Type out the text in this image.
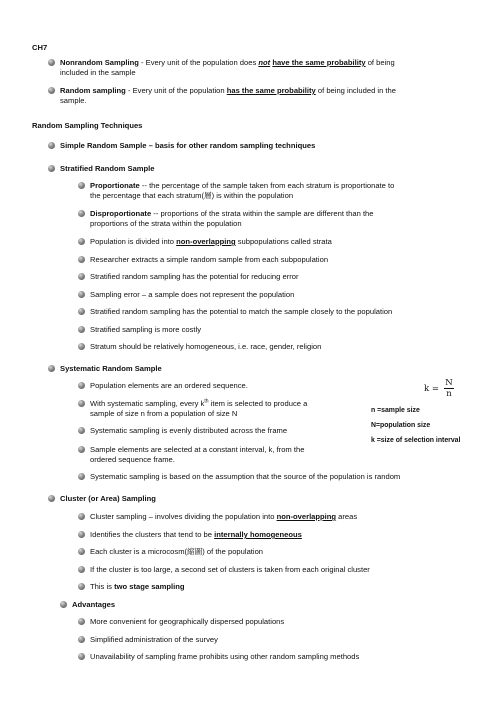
CH7
Nonrandom Sampling - Every unit of the population does not have the same probability of being
included in the sample
Random sampling - Every unit of the population has the same probability of being included in the
sample.
Random Sampling Techniques
Simple Random Sample – basis for other random sampling techniques
Stratified Random Sample
Proportionate -- the percentage of the sample taken from each stratum is proportionate to
the percentage that each stratum(層) is within the population
Disproportionate -- proportions of the strata within the sample are different than the
proportions of the strata within the population
Population is divided into non-overlapping subpopulations called strata
Researcher extracts a simple random sample from each subpopulation
Stratified random sampling has the potential for reducing error
Sampling error – a sample does not represent the population
Stratified random sampling has the potential to match the sample closely to the population
Stratified sampling is more costly
Stratum should be relatively homogeneous, i.e. race, gender, religion
Systematic Random Sample
Population elements are an ordered sequence.
With systematic sampling, every $k^{th}$ item is selected to produce a
sample of size n from a population of size N
Systematic sampling is evenly distributed across the frame
Sample elements are selected at a constant interval, k, from the
ordered sequence frame.
Systematic sampling is based on the assumption that the source of the population is random
k =
N
n
n =sample size
N=population size
k =size of selection interval
Cluster (or Area) Sampling
Cluster sampling – involves dividing the population into non-overlapping areas
Identifies the clusters that tend to be internally homogeneous
Each cluster is a microcosm(縮圖) of the population
If the cluster is too large, a second set of clusters is taken from each original cluster
This is two stage sampling
Advantages
More convenient for geographically dispersed populations
Simplified administration of the survey
Unavailability of sampling frame prohibits using other random sampling methods
